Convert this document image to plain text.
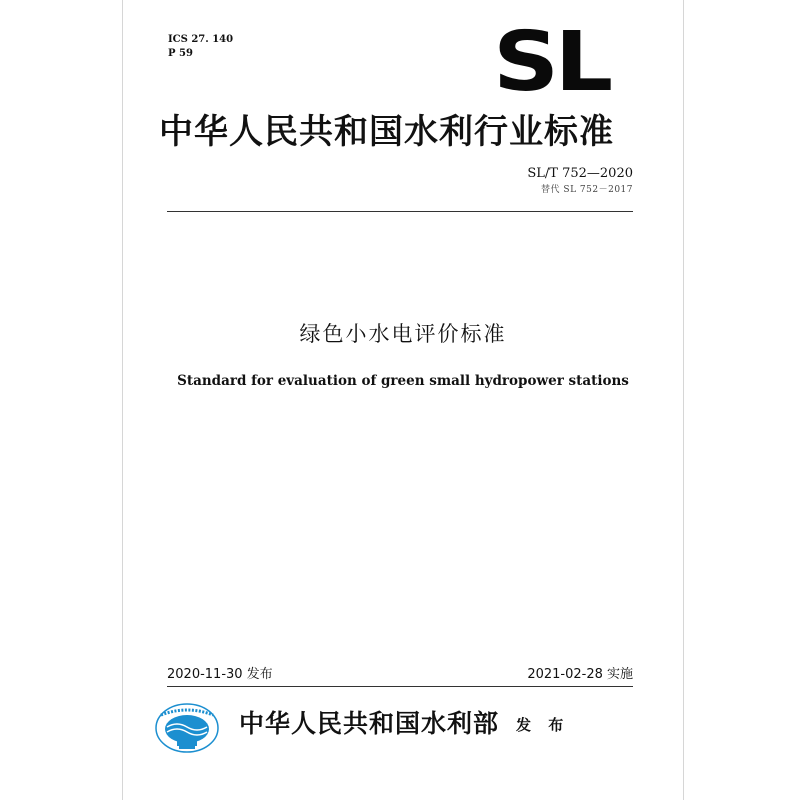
ICS 27. 140
P 59	SL
中华人民共和国水利行业标准
SL/T 752—2020
替代 SL 752－2017
绿色小水电评价标准
Standard for evaluation of green small hydropower stations
2020-11-30 发布	2021-02-28 实施
中华人民共和国水利部 发 布
